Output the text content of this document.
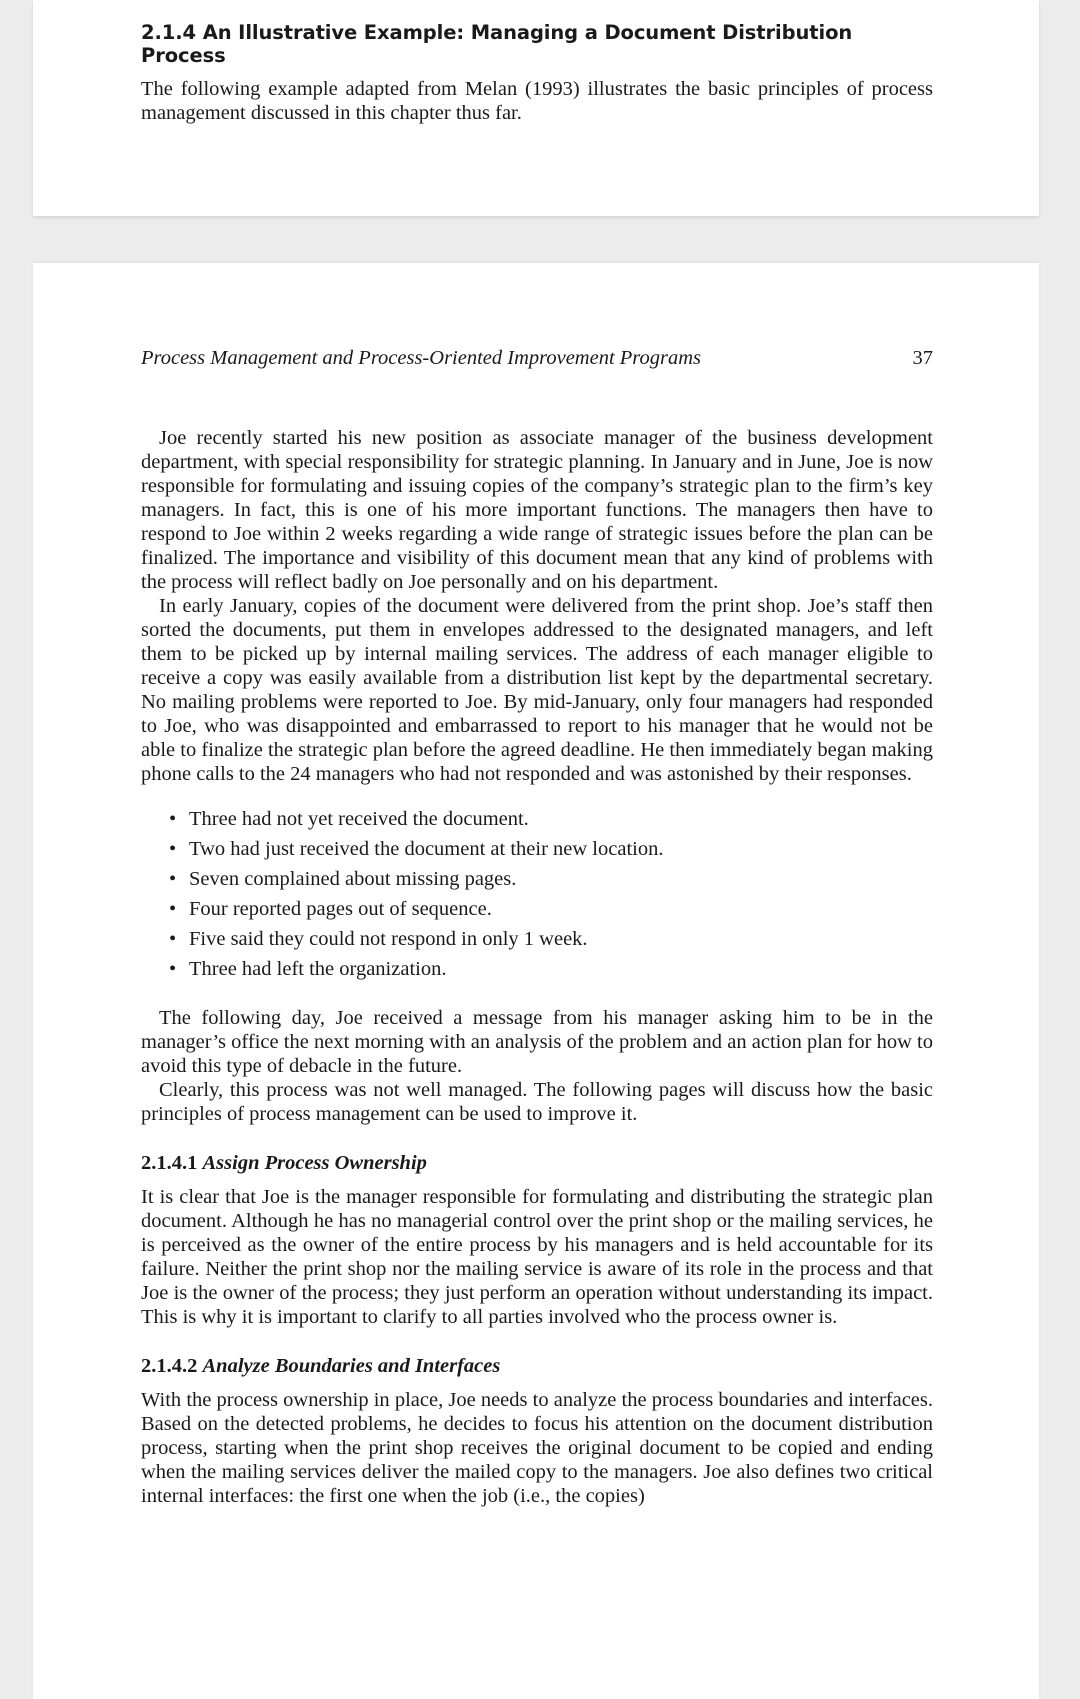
2.1.4 An Illustrative Example: Managing a Document Distribution Process

The following example adapted from Melan (1993) illustrates the basic principles of process management discussed in this chapter thus far.

Process Management and Process-Oriented Improvement Programs	37

Joe recently started his new position as associate manager of the business development department, with special responsibility for strategic planning. In January and in June, Joe is now responsible for formulating and issuing copies of the company’s strategic plan to the firm’s key managers. In fact, this is one of his more important functions. The managers then have to respond to Joe within 2 weeks regarding a wide range of strategic issues before the plan can be finalized. The importance and visibility of this document mean that any kind of problems with the process will reflect badly on Joe personally and on his department.

In early January, copies of the document were delivered from the print shop. Joe’s staff then sorted the documents, put them in envelopes addressed to the designated managers, and left them to be picked up by internal mailing services. The address of each manager eligible to receive a copy was easily available from a distribution list kept by the departmental secretary. No mailing problems were reported to Joe. By mid-January, only four managers had responded to Joe, who was disappointed and embarrassed to report to his manager that he would not be able to finalize the strategic plan before the agreed deadline. He then immediately began making phone calls to the 24 managers who had not responded and was astonished by their responses.

• Three had not yet received the document.
• Two had just received the document at their new location.
• Seven complained about missing pages.
• Four reported pages out of sequence.
• Five said they could not respond in only 1 week.
• Three had left the organization.

The following day, Joe received a message from his manager asking him to be in the manager’s office the next morning with an analysis of the problem and an action plan for how to avoid this type of debacle in the future.

Clearly, this process was not well managed. The following pages will discuss how the basic principles of process management can be used to improve it.

2.1.4.1 Assign Process Ownership

It is clear that Joe is the manager responsible for formulating and distributing the strategic plan document. Although he has no managerial control over the print shop or the mailing services, he is perceived as the owner of the entire process by his managers and is held accountable for its failure. Neither the print shop nor the mailing service is aware of its role in the process and that Joe is the owner of the process; they just perform an operation without understanding its impact. This is why it is important to clarify to all parties involved who the process owner is.

2.1.4.2 Analyze Boundaries and Interfaces

With the process ownership in place, Joe needs to analyze the process boundaries and interfaces. Based on the detected problems, he decides to focus his attention on the document distribution process, starting when the print shop receives the original document to be copied and ending when the mailing services deliver the mailed copy to the managers. Joe also defines two critical internal interfaces: the first one when the job (i.e., the copies)
